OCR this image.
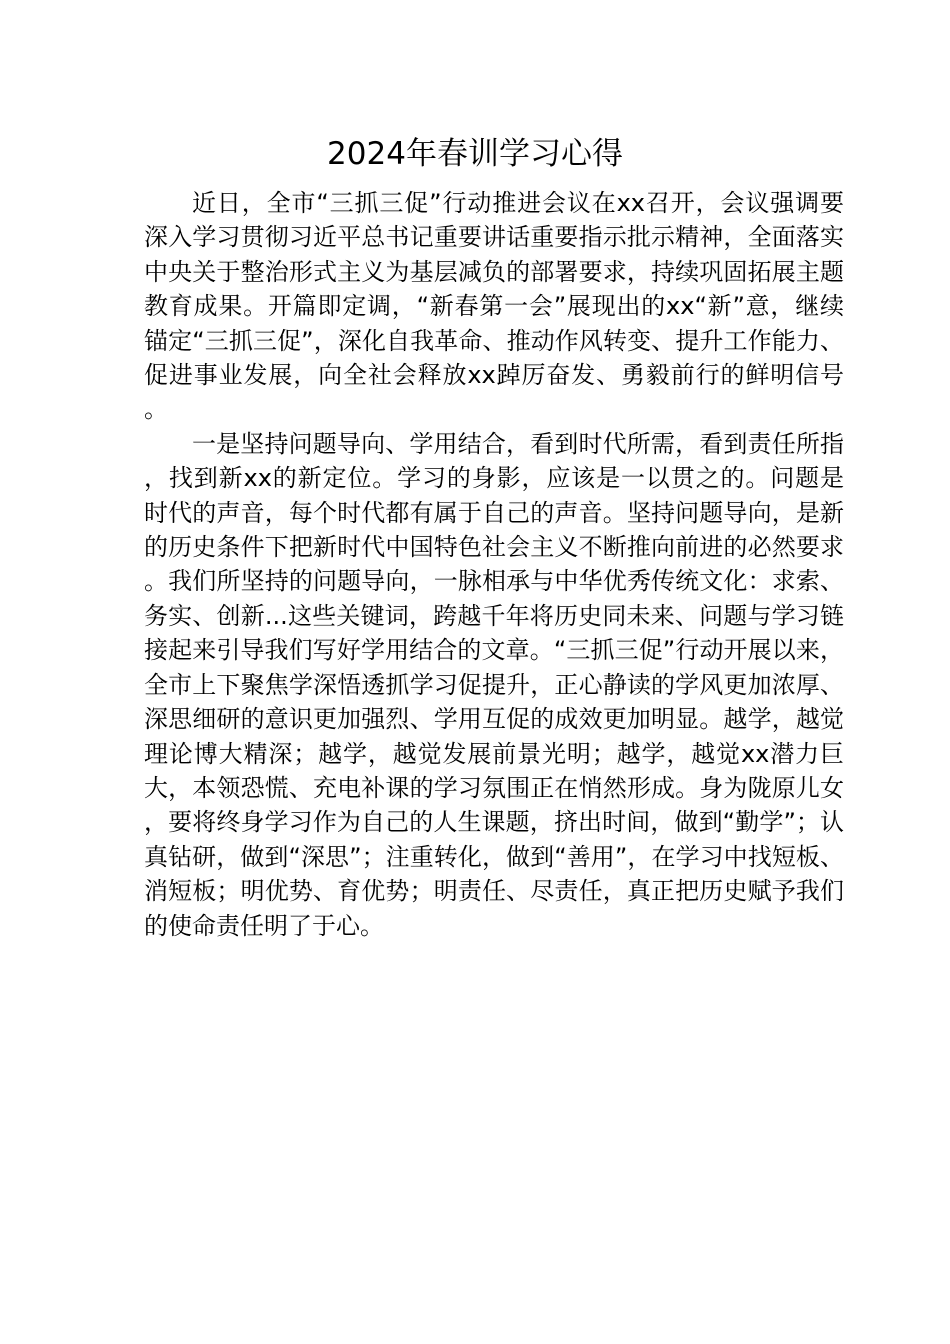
2024年春训学习心得

近日，全市“三抓三促”行动推进会议在xx召开，会议强调要深入学习贯彻习近平总书记重要讲话重要指示批示精神，全面落实中央关于整治形式主义为基层减负的部署要求，持续巩固拓展主题教育成果。开篇即定调，“新春第一会”展现出的xx“新”意，继续锚定“三抓三促”，深化自我革命、推动作风转变、提升工作能力、促进事业发展，向全社会释放xx踔厉奋发、勇毅前行的鲜明信号。

一是坚持问题导向、学用结合，看到时代所需，看到责任所指，找到新xx的新定位。学习的身影，应该是一以贯之的。问题是时代的声音，每个时代都有属于自己的声音。坚持问题导向，是新的历史条件下把新时代中国特色社会主义不断推向前进的必然要求。我们所坚持的问题导向，一脉相承与中华优秀传统文化：求索、务实、创新...这些关键词，跨越千年将历史同未来、问题与学习链接起来引导我们写好学用结合的文章。“三抓三促”行动开展以来，全市上下聚焦学深悟透抓学习促提升，正心静读的学风更加浓厚、深思细研的意识更加强烈、学用互促的成效更加明显。越学，越觉理论博大精深；越学，越觉发展前景光明；越学，越觉xx潜力巨大，本领恐慌、充电补课的学习氛围正在悄然形成。身为陇原儿女，要将终身学习作为自己的人生课题，挤出时间，做到“勤学”；认真钻研，做到“深思”；注重转化，做到“善用”，在学习中找短板、消短板；明优势、育优势；明责任、尽责任，真正把历史赋予我们的使命责任明了于心。
